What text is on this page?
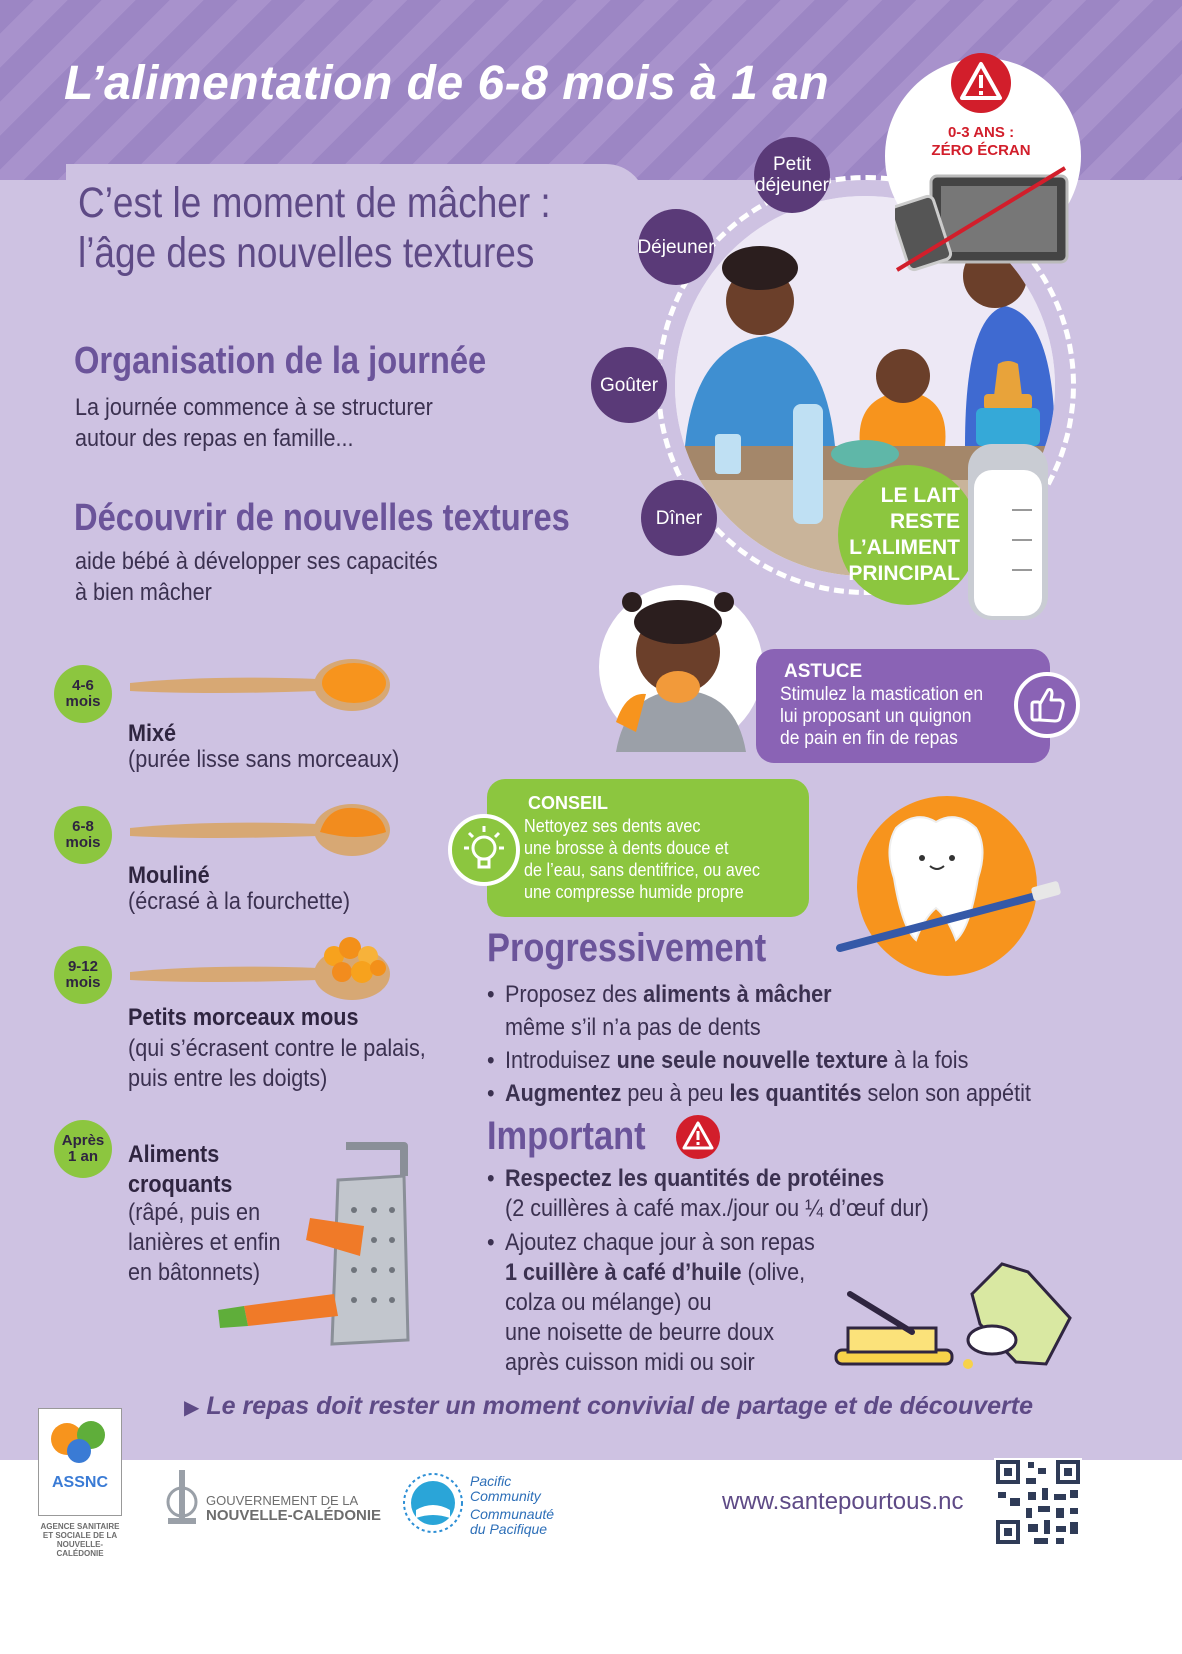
L’alimentation de 6-8 mois à 1 an
C’est le moment de mâcher :
l’âge des nouvelles textures
Organisation de la journée
La journée commence à se structurer
autour des repas en famille...
Découvrir de nouvelles textures
aide bébé à développer ses capacités
à bien mâcher
Petit déjeuner
Déjeuner
Goûter
Dîner
0-3 ANS :
ZÉRO ÉCRAN
LE LAIT
RESTE
L’ALIMENT
PRINCIPAL
ASTUCE
Stimulez la mastication en
lui proposant un quignon
de pain en fin de repas
CONSEIL
Nettoyez ses dents avec
une brosse à dents douce et
de l’eau, sans dentifrice, ou avec
une compresse humide propre
4-6
mois
Mixé
(purée lisse sans morceaux)
6-8
mois
Mouliné
(écrasé à la fourchette)
9-12
mois
Petits morceaux mous
(qui s’écrasent contre le palais,
puis entre les doigts)
Après
1 an Aliments
croquants
(râpé, puis en
lanières et enfin
en bâtonnets)
Progressivement
• Proposez des aliments à mâcher
même s’il n’a pas de dents
• Introduisez une seule nouvelle texture à la fois
• Augmentez peu à peu les quantités selon son appétit
Important
• Respectez les quantités de protéines
(2 cuillères à café max./jour ou ¼ d’œuf dur)
• Ajoutez chaque jour à son repas
1 cuillère à café d’huile (olive,
colza ou mélange) ou
une noisette de beurre doux
après cuisson midi ou soir
▶ Le repas doit rester un moment convivial de partage et de découverte
ASSNC
AGENCE SANITAIRE
ET SOCIALE DE LA
NOUVELLE-CALÉDONIE
GOUVERNEMENT DE LA
NOUVELLE-CALÉDONIE
Pacific
Community
Communauté
du Pacifique
www.santepourtous.nc
